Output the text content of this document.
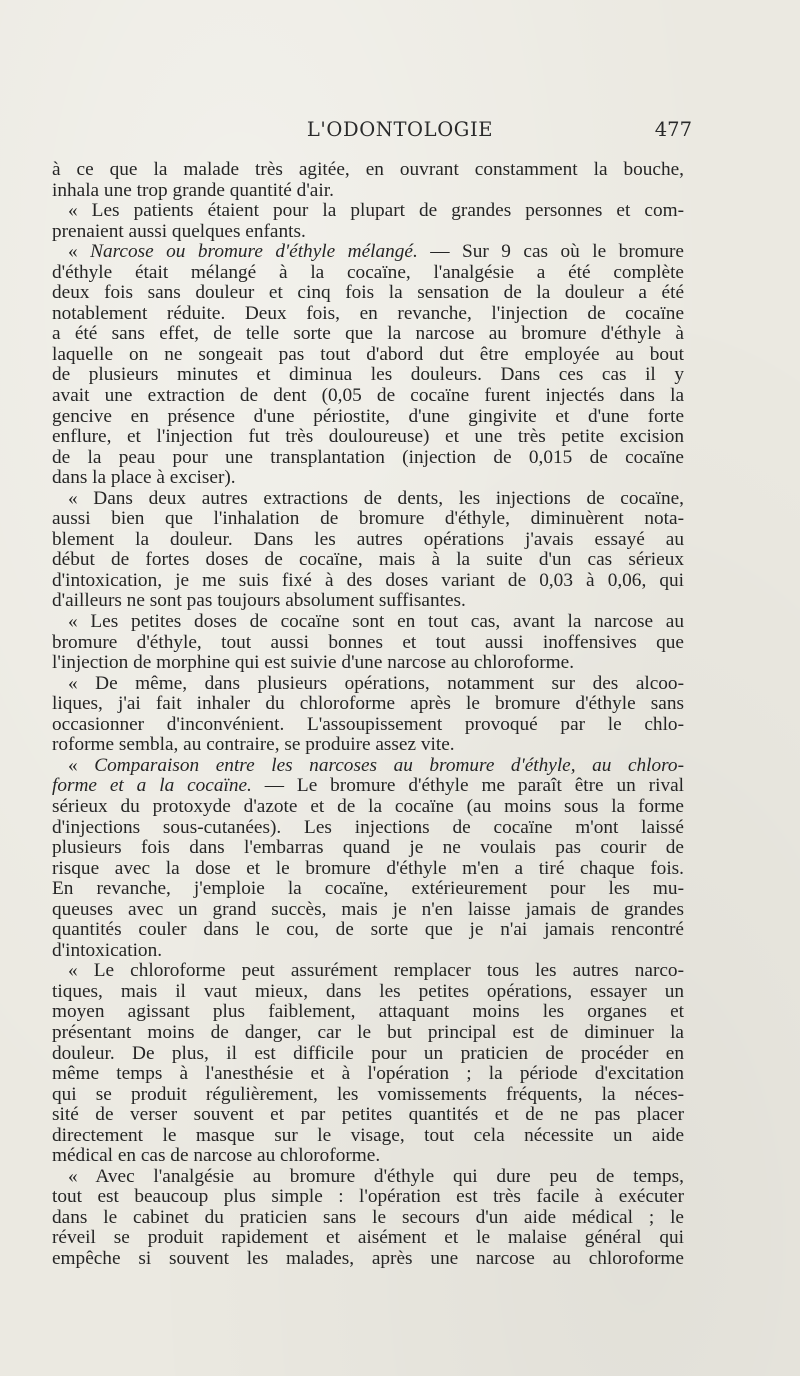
L'ODONTOLOGIE	477
à ce que la malade très agitée, en ouvrant constamment la bouche,
inhala une trop grande quantité d'air.
« Les patients étaient pour la plupart de grandes personnes et com-
prenaient aussi quelques enfants.
« Narcose ou bromure d'éthyle mélangé. — Sur 9 cas où le bromure
d'éthyle était mélangé à la cocaïne, l'analgésie a été complète
deux fois sans douleur et cinq fois la sensation de la douleur a été
notablement réduite. Deux fois, en revanche, l'injection de cocaïne
a été sans effet, de telle sorte que la narcose au bromure d'éthyle à
laquelle on ne songeait pas tout d'abord dut être employée au bout
de plusieurs minutes et diminua les douleurs. Dans ces cas il y
avait une extraction de dent (0,05 de cocaïne furent injectés dans la
gencive en présence d'une périostite, d'une gingivite et d'une forte
enflure, et l'injection fut très douloureuse) et une très petite excision
de la peau pour une transplantation (injection de 0,015 de cocaïne
dans la place à exciser).
« Dans deux autres extractions de dents, les injections de cocaïne,
aussi bien que l'inhalation de bromure d'éthyle, diminuèrent nota-
blement la douleur. Dans les autres opérations j'avais essayé au
début de fortes doses de cocaïne, mais à la suite d'un cas sérieux
d'intoxication, je me suis fixé à des doses variant de 0,03 à 0,06, qui
d'ailleurs ne sont pas toujours absolument suffisantes.
« Les petites doses de cocaïne sont en tout cas, avant la narcose au
bromure d'éthyle, tout aussi bonnes et tout aussi inoffensives que
l'injection de morphine qui est suivie d'une narcose au chloroforme.
« De même, dans plusieurs opérations, notamment sur des alcoo-
liques, j'ai fait inhaler du chloroforme après le bromure d'éthyle sans
occasionner d'inconvénient. L'assoupissement provoqué par le chlo-
roforme sembla, au contraire, se produire assez vite.
« Comparaison entre les narcoses au bromure d'éthyle, au chloro-
forme et a la cocaïne. — Le bromure d'éthyle me paraît être un rival
sérieux du protoxyde d'azote et de la cocaïne (au moins sous la forme
d'injections sous-cutanées). Les injections de cocaïne m'ont laissé
plusieurs fois dans l'embarras quand je ne voulais pas courir de
risque avec la dose et le bromure d'éthyle m'en a tiré chaque fois.
En revanche, j'emploie la cocaïne, extérieurement pour les mu-
queuses avec un grand succès, mais je n'en laisse jamais de grandes
quantités couler dans le cou, de sorte que je n'ai jamais rencontré
d'intoxication.
« Le chloroforme peut assurément remplacer tous les autres narco-
tiques, mais il vaut mieux, dans les petites opérations, essayer un
moyen agissant plus faiblement, attaquant moins les organes et
présentant moins de danger, car le but principal est de diminuer la
douleur. De plus, il est difficile pour un praticien de procéder en
même temps à l'anesthésie et à l'opération ; la période d'excitation
qui se produit régulièrement, les vomissements fréquents, la néces-
sité de verser souvent et par petites quantités et de ne pas placer
directement le masque sur le visage, tout cela nécessite un aide
médical en cas de narcose au chloroforme.
« Avec l'analgésie au bromure d'éthyle qui dure peu de temps,
tout est beaucoup plus simple : l'opération est très facile à exécuter
dans le cabinet du praticien sans le secours d'un aide médical ; le
réveil se produit rapidement et aisément et le malaise général qui
empêche si souvent les malades, après une narcose au chloroforme
